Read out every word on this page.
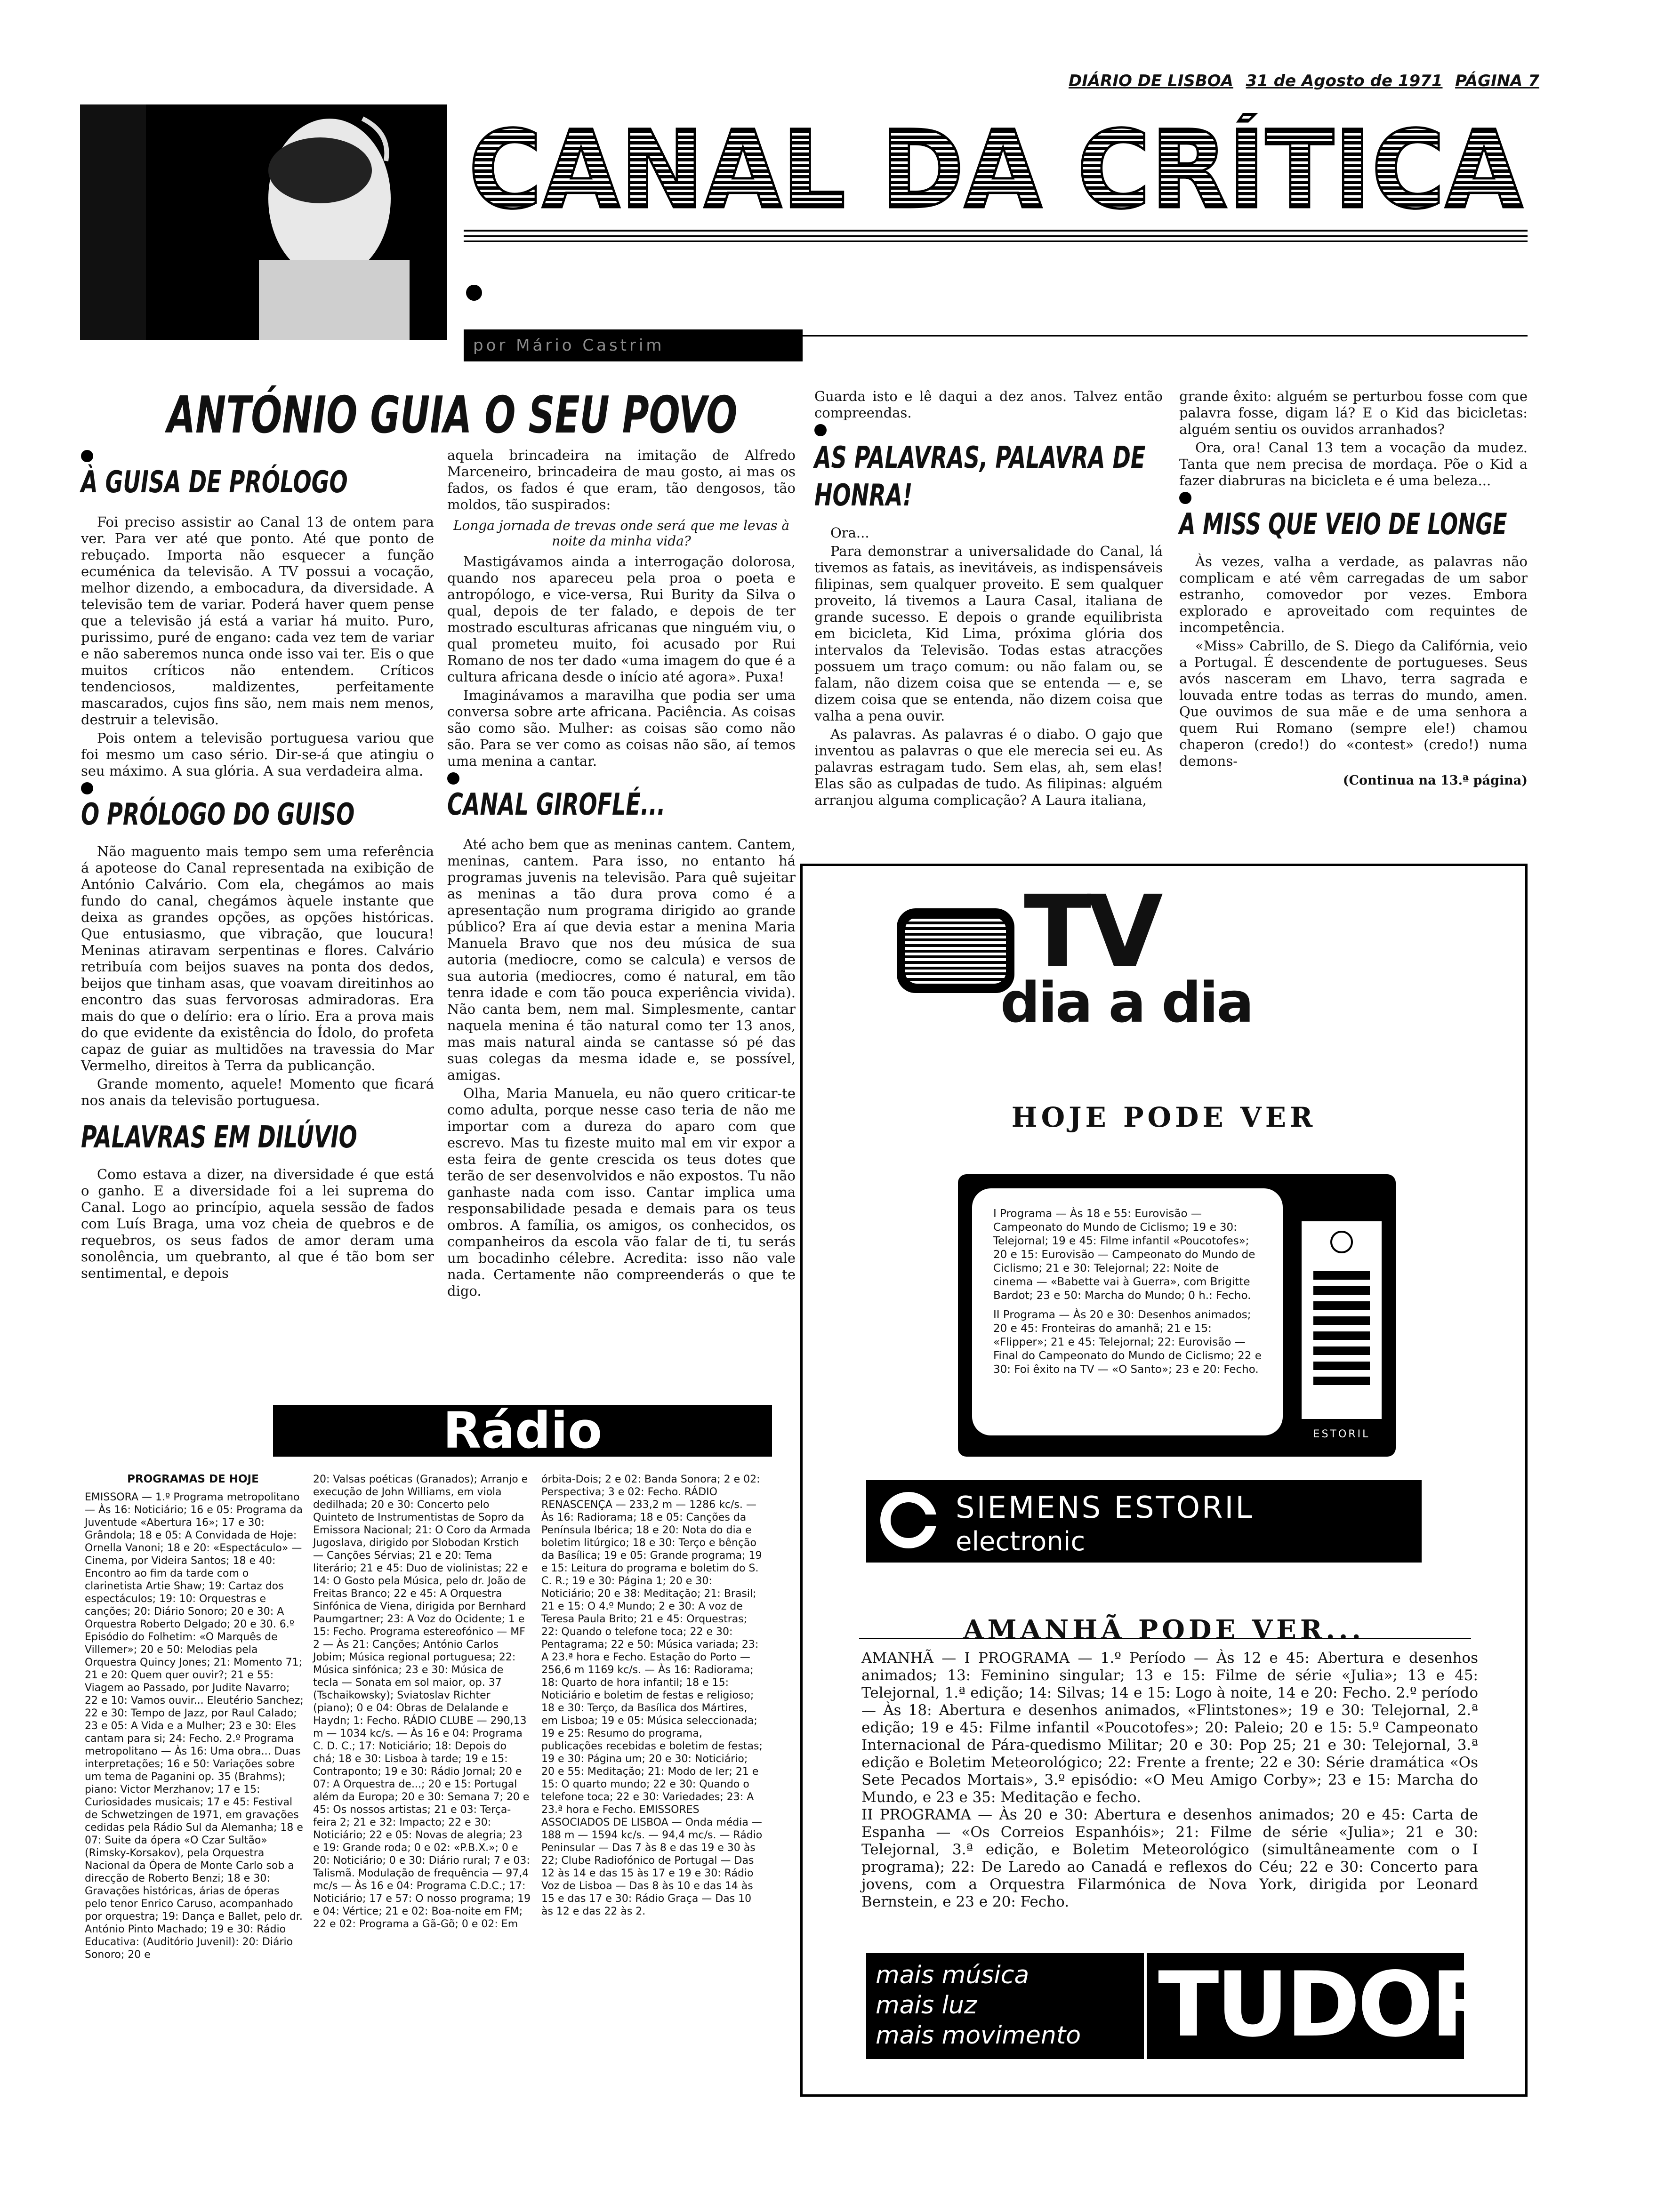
DIÁRIO DE LISBOA 31 de Agosto de 1971 PÁGINA 7
CANAL DA CRÍTICA
por Mário Castrim
ANTÓNIO GUIA O SEU POVO
À GUISA DE PRÓLOGO

Foi preciso assistir ao Canal 13 de ontem para ver. Para ver até que ponto. Até que ponto de rebuçado. Importa não esquecer a função ecuménica da televisão. A TV possui a vocação, melhor dizendo, a embocadura, da diversidade. A televisão tem de variar. Poderá haver quem pense que a televisão já está a variar há muito. Puro, purissimo, puré de engano: cada vez tem de variar e não saberemos nunca onde isso vai ter. Eis o que muitos críticos não entendem. Críticos tendenciosos, maldizentes, perfeitamente mascarados, cujos fins são, nem mais nem menos, destruir a televisão.

Pois ontem a televisão portuguesa variou que foi mesmo um caso sério. Dir-se-á que atingiu o seu máximo. A sua glória. A sua verdadeira alma.

O PRÓLOGO DO GUISO

Não maguento mais tempo sem uma referência á apoteose do Canal representada na exibição de António Calvário. Com ela, chegámos ao mais fundo do canal, chegámos àquele instante que deixa as grandes opções, as opções históricas. Que entusiasmo, que vibração, que loucura! Meninas atiravam serpentinas e flores. Calvário retribuía com beijos suaves na ponta dos dedos, beijos que tinham asas, que voavam direitinhos ao encontro das suas fervorosas admiradoras. Era mais do que o delírio: era o lírio. Era a prova mais do que evidente da existência do Ídolo, do profeta capaz de guiar as multidões na travessia do Mar Vermelho, direitos à Terra da publicanção.

Grande momento, aquele! Momento que ficará nos anais da televisão portuguesa.

PALAVRAS EM DILÚVIO

Como estava a dizer, na diversidade é que está o ganho. E a diversidade foi a lei suprema do Canal. Logo ao princípio, aquela sessão de fados com Luís Braga, uma voz cheia de quebros e de requebros, os seus fados de amor deram uma sonolência, um quebranto, al que é tão bom ser sentimental, e depois

aquela brincadeira na imitação de Alfredo Marceneiro, brincadeira de mau gosto, ai mas os fados, os fados é que eram, tão dengosos, tão moldos, tão suspirados:

Longa jornada de trevas onde será que me levas à noite da minha vida?

Mastigávamos ainda a interrogação dolorosa, quando nos apareceu pela proa o poeta e antropólogo, e vice-versa, Rui Burity da Silva o qual, depois de ter falado, e depois de ter mostrado esculturas africanas que ninguém viu, o qual prometeu muito, foi acusado por Rui Romano de nos ter dado «uma imagem do que é a cultura africana desde o início até agora». Puxa!

Imaginávamos a maravilha que podia ser uma conversa sobre arte africana. Paciência. As coisas são como são. Mulher: as coisas são como não são. Para se ver como as coisas não são, aí temos uma menina a cantar.

CANAL GIROFLÉ...

Até acho bem que as meninas cantem. Cantem, meninas, cantem. Para isso, no entanto há programas juvenis na televisão. Para quê sujeitar as meninas a tão dura prova como é a apresentação num programa dirigido ao grande público? Era aí que devia estar a menina Maria Manuela Bravo que nos deu música de sua autoria (mediocre, como se calcula) e versos de sua autoria (mediocres, como é natural, em tão tenra idade e com tão pouca experiência vivida). Não canta bem, nem mal. Simplesmente, cantar naquela menina é tão natural como ter 13 anos, mas mais natural ainda se cantasse só pé das suas colegas da mesma idade e, se possível, amigas.

Olha, Maria Manuela, eu não quero criticar-te como adulta, porque nesse caso teria de não me importar com a dureza do aparo com que escrevo. Mas tu fizeste muito mal em vir expor a esta feira de gente crescida os teus dotes que terão de ser desenvolvidos e não expostos. Tu não ganhaste nada com isso. Cantar implica uma responsabilidade pesada e demais para os teus ombros. A família, os amigos, os conhecidos, os companheiros da escola vão falar de ti, tu serás um bocadinho célebre. Acredita: isso não vale nada. Certamente não compreenderás o que te digo.

Guarda isto e lê daqui a dez anos. Talvez então compreendas.

AS PALAVRAS, PALAVRA DE HONRA!

Ora...

Para demonstrar a universalidade do Canal, lá tivemos as fatais, as inevitáveis, as indispensáveis filipinas, sem qualquer proveito. E sem qualquer proveito, lá tivemos a Laura Casal, italiana de grande sucesso. E depois o grande equilibrista em bicicleta, Kid Lima, próxima glória dos intervalos da Televisão. Todas estas atracções possuem um traço comum: ou não falam ou, se falam, não dizem coisa que se entenda — e, se dizem coisa que se entenda, não dizem coisa que valha a pena ouvir.

As palavras. As palavras é o diabo. O gajo que inventou as palavras o que ele merecia sei eu. As palavras estragam tudo. Sem elas, ah, sem elas! Elas são as culpadas de tudo. As filipinas: alguém arranjou alguma complicação? A Laura italiana,

grande êxito: alguém se perturbou fosse com que palavra fosse, digam lá? E o Kid das bicicletas: alguém sentiu os ouvidos arranhados?

Ora, ora! Canal 13 tem a vocação da mudez. Tanta que nem precisa de mordaça. Põe o Kid a fazer diabruras na bicicleta e é uma beleza...

A MISS QUE VEIO DE LONGE

Às vezes, valha a verdade, as palavras não complicam e até vêm carregadas de um sabor estranho, comovedor por vezes. Embora explorado e aproveitado com requintes de incompetência.

«Miss» Cabrillo, de S. Diego da Califórnia, veio a Portugal. É descendente de portugueses. Seus avós nasceram em Lhavo, terra sagrada e louvada entre todas as terras do mundo, amen. Que ouvimos de sua mãe e de uma senhora a quem Rui Romano (sempre ele!) chamou chaperon (credo!) do «contest» (credo!) numa demons-

(Continua na 13.ª página)
TV
dia a dia
HOJE PODE VER

I Programa — Às 18 e 55: Eurovisão — Campeonato do Mundo de Ciclismo; 19 e 30: Telejornal; 19 e 45: Filme infantil «Poucotofes»; 20 e 15: Eurovisão — Campeonato do Mundo de Ciclismo; 21 e 30: Telejornal; 22: Noite de cinema — «Babette vai à Guerra», com Brigitte Bardot; 23 e 50: Marcha do Mundo; 0 h.: Fecho.

II Programa — Às 20 e 30: Desenhos animados; 20 e 45: Fronteiras do amanhã; 21 e 15: «Flipper»; 21 e 45: Telejornal; 22: Eurovisão — Final do Campeonato do Mundo de Ciclismo; 22 e 30: Foi êxito na TV — «O Santo»; 23 e 20: Fecho.

ESTORIL
SIEMENS ESTORIL
electronic
AMANHÃ PODE VER...

AMANHÃ — I PROGRAMA — 1.º Período — Às 12 e 45: Abertura e desenhos animados; 13: Feminino singular; 13 e 15: Filme de série «Julia»; 13 e 45: Telejornal, 1.ª edição; 14: Silvas; 14 e 15: Logo à noite, 14 e 20: Fecho. 2.º período — Às 18: Abertura e desenhos animados, «Flintstones»; 19 e 30: Telejornal, 2.ª edição; 19 e 45: Filme infantil «Poucotofes»; 20: Paleio; 20 e 15: 5.º Campeonato Internacional de Pára-quedismo Militar; 20 e 30: Pop 25; 21 e 30: Telejornal, 3.ª edição e Boletim Meteorológico; 22: Frente a frente; 22 e 30: Série dramática «Os Sete Pecados Mortais», 3.º episódio: «O Meu Amigo Corby»; 23 e 15: Marcha do Mundo, e 23 e 35: Meditação e fecho.

II PROGRAMA — Às 20 e 30: Abertura e desenhos animados; 20 e 45: Carta de Espanha — «Os Correios Espanhóis»; 21: Filme de série «Julia»; 21 e 30: Telejornal, 3.ª edição, e Boletim Meteorológico (simultâneamente com o I programa); 22: De Laredo ao Canadá e reflexos do Céu; 22 e 30: Concerto para jovens, com a Orquestra Filarmónica de Nova York, dirigida por Leonard Bernstein, e 23 e 20: Fecho.

mais música
mais luz
mais movimento TUDOR
Rádio
PROGRAMAS DE HOJE

EMISSORA — 1.º Programa metropolitano — Às 16: Noticiário; 16 e 05: Programa da Juventude «Abertura 16»; 17 e 30: Grândola; 18 e 05: A Convidada de Hoje: Ornella Vanoni; 18 e 20: «Espectáculo» — Cinema, por Videira Santos; 18 e 40: Encontro ao fim da tarde com o clarinetista Artie Shaw; 19: Cartaz dos espectáculos; 19: 10: Orquestras e canções; 20: Diário Sonoro; 20 e 30: A Orquestra Roberto Delgado; 20 e 30. 6.º Episódio do Folhetim: «O Marquês de Villemer»; 20 e 50: Melodias pela Orquestra Quincy Jones; 21: Momento 71; 21 e 20: Quem quer ouvir?; 21 e 55: Viagem ao Passado, por Judite Navarro; 22 e 10: Vamos ouvir... Eleutério Sanchez; 22 e 30: Tempo de Jazz, por Raul Calado; 23 e 05: A Vida e a Mulher; 23 e 30: Eles cantam para si; 24: Fecho. 2.º Programa metropolitano — Às 16: Uma obra... Duas interpretações; 16 e 50: Variações sobre um tema de Paganini op. 35 (Brahms); piano: Victor Merzhanov; 17 e 15: Curiosidades musicais; 17 e 45: Festival de Schwetzingen de 1971, em gravações cedidas pela Rádio Sul da Alemanha; 18 e 07: Suite da ópera «O Czar Sultão» (Rimsky-Korsakov), pela Orquestra Nacional da Ópera de Monte Carlo sob a direcção de Roberto Benzi; 18 e 30: Gravações históricas, árias de óperas pelo tenor Enrico Caruso, acompanhado por orquestra; 19: Dança e Ballet, pelo dr. António Pinto Machado; 19 e 30: Rádio Educativa: (Auditório Juvenil): 20: Diário Sonoro; 20 e

20: Valsas poéticas (Granados); Arranjo e execução de John Williams, em viola dedilhada; 20 e 30: Concerto pelo Quinteto de Instrumentistas de Sopro da Emissora Nacional; 21: O Coro da Armada Jugoslava, dirigido por Slobodan Krstich — Canções Sérvias; 21 e 20: Tema literário; 21 e 45: Duo de violinistas; 22 e 14: O Gosto pela Música, pelo dr. João de Freitas Branco; 22 e 45: A Orquestra Sinfónica de Viena, dirigida por Bernhard Paumgartner; 23: A Voz do Ocidente; 1 e 15: Fecho. Programa estereofónico — MF 2 — Às 21: Canções; António Carlos Jobim; Música regional portuguesa; 22: Música sinfónica; 23 e 30: Música de tecla — Sonata em sol maior, op. 37 (Tschaikowsky); Sviatoslav Richter (piano); 0 e 04: Obras de Delalande e Haydn; 1: Fecho. RÁDIO CLUBE — 290,13 m — 1034 kc/s. — Às 16 e 04: Programa C. D. C.; 17: Noticiário; 18: Depois do chá; 18 e 30: Lisboa à tarde; 19 e 15: Contraponto; 19 e 30: Rádio Jornal; 20 e 07: A Orquestra de...; 20 e 15: Portugal além da Europa; 20 e 30: Semana 7; 20 e 45: Os nossos artistas; 21 e 03: Terça-feira 2; 21 e 32: Impacto; 22 e 30: Noticiário; 22 e 05: Novas de alegria; 23 e 19: Grande roda; 0 e 02: «P.B.X.»; 0 e 20: Noticiário; 0 e 30: Diário rural; 7 e 03: Talismã. Modulação de frequência — 97,4 mc/s — Às 16 e 04: Programa C.D.C.; 17: Noticiário; 17 e 57: O nosso programa; 19 e 04: Vértice; 21 e 02: Boa-noite em FM; 22 e 02: Programa a Gã-Gõ; 0 e 02: Em

órbita-Dois; 2 e 02: Banda Sonora; 2 e 02: Perspectiva; 3 e 02: Fecho. RÁDIO RENASCENÇA — 233,2 m — 1286 kc/s. — Às 16: Radiorama; 18 e 05: Canções da Península Ibérica; 18 e 20: Nota do dia e boletim litúrgico; 18 e 30: Terço e bênção da Basílica; 19 e 05: Grande programa; 19 e 15: Leitura do programa e boletim do S. C. R.; 19 e 30: Página 1; 20 e 30: Noticiário; 20 e 38: Meditação; 21: Brasil; 21 e 15: O 4.º Mundo; 2 e 30: A voz de Teresa Paula Brito; 21 e 45: Orquestras; 22: Quando o telefone toca; 22 e 30: Pentagrama; 22 e 50: Música variada; 23: A 23.ª hora e Fecho. Estação do Porto — 256,6 m 1169 kc/s. — Às 16: Radiorama; 18: Quarto de hora infantil; 18 e 15: Noticiário e boletim de festas e religioso; 18 e 30: Terço, da Basílica dos Mártires, em Lisboa; 19 e 05: Música seleccionada; 19 e 25: Resumo do programa, publicações recebidas e boletim de festas; 19 e 30: Página um; 20 e 30: Noticiário; 20 e 55: Meditação; 21: Modo de ler; 21 e 15: O quarto mundo; 22 e 30: Quando o telefone toca; 22 e 30: Variedades; 23: A 23.ª hora e Fecho. EMISSORES ASSOCIADOS DE LISBOA — Onda média — 188 m — 1594 kc/s. — 94,4 mc/s. — Rádio Peninsular — Das 7 às 8 e das 19 e 30 às 22; Clube Radiofónico de Portugal — Das 12 às 14 e das 15 às 17 e 19 e 30: Rádio Voz de Lisboa — Das 8 às 10 e das 14 às 15 e das 17 e 30: Rádio Graça — Das 10 às 12 e das 22 às 2.
